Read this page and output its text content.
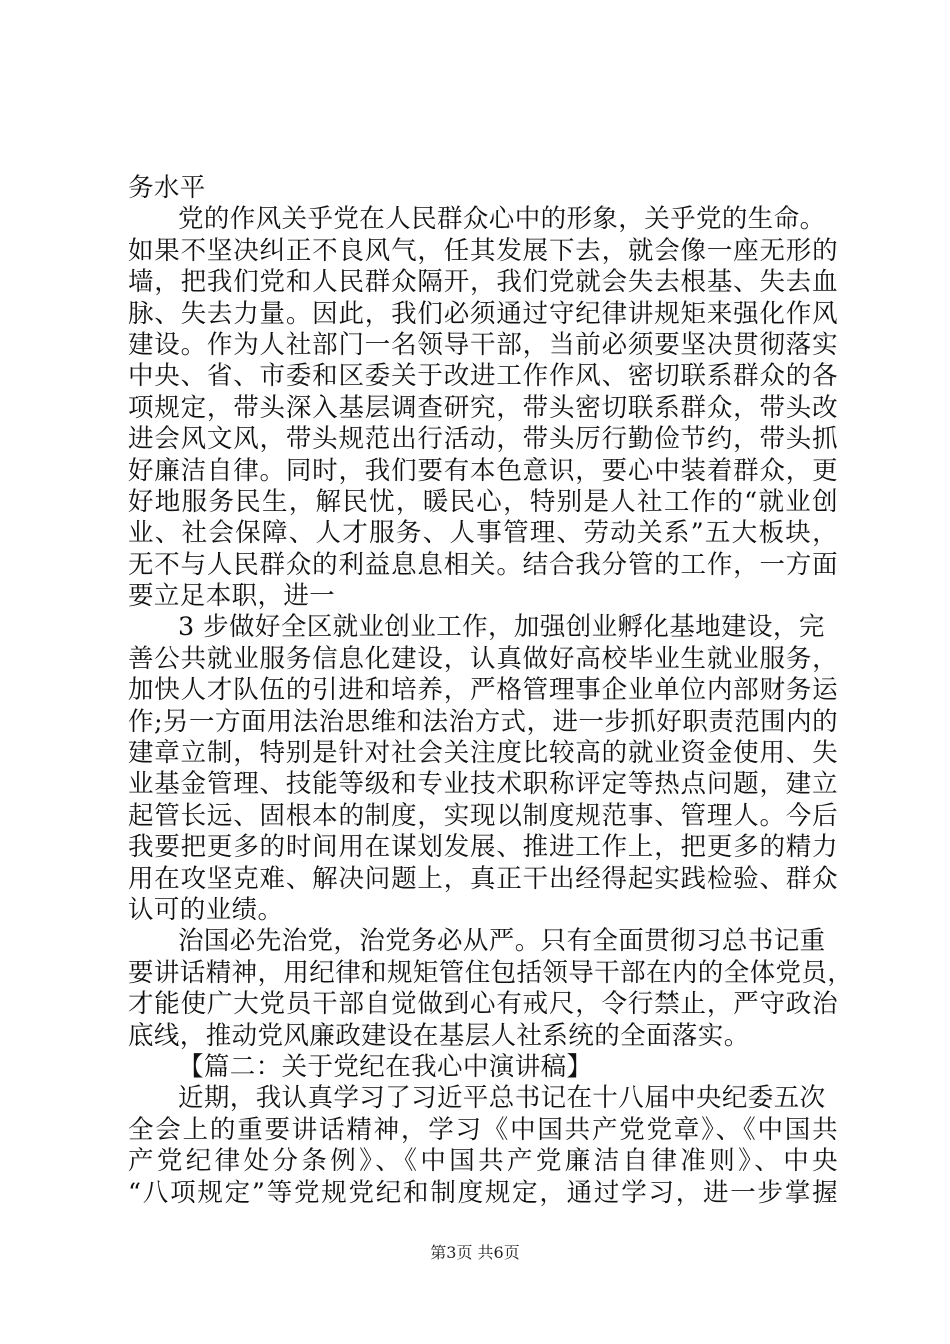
务水平
党的作风关乎党在人民群众心中的形象，关乎党的生命。
如果不坚决纠正不良风气，任其发展下去，就会像一座无形的
墙，把我们党和人民群众隔开，我们党就会失去根基、失去血
脉、失去力量。因此，我们必须通过守纪律讲规矩来强化作风
建设。作为人社部门一名领导干部，当前必须要坚决贯彻落实
中央、省、市委和区委关于改进工作作风、密切联系群众的各
项规定，带头深入基层调查研究，带头密切联系群众，带头改
进会风文风，带头规范出行活动，带头厉行勤俭节约，带头抓
好廉洁自律。同时，我们要有本色意识，要心中装着群众，更
好地服务民生，解民忧，暖民心，特别是人社工作的“就业创
业、社会保障、人才服务、人事管理、劳动关系”五大板块，
无不与人民群众的利益息息相关。结合我分管的工作，一方面
要立足本职，进一
3 步做好全区就业创业工作，加强创业孵化基地建设，完
善公共就业服务信息化建设，认真做好高校毕业生就业服务，
加快人才队伍的引进和培养，严格管理事企业单位内部财务运
作;另一方面用法治思维和法治方式，进一步抓好职责范围内的
建章立制，特别是针对社会关注度比较高的就业资金使用、失
业基金管理、技能等级和专业技术职称评定等热点问题，建立
起管长远、固根本的制度，实现以制度规范事、管理人。今后
我要把更多的时间用在谋划发展、推进工作上，把更多的精力
用在攻坚克难、解决问题上，真正干出经得起实践检验、群众
认可的业绩。
治国必先治党，治党务必从严。只有全面贯彻习总书记重
要讲话精神，用纪律和规矩管住包括领导干部在内的全体党员，
才能使广大党员干部自觉做到心有戒尺，令行禁止，严守政治
底线，推动党风廉政建设在基层人社系统的全面落实。
【篇二：关于党纪在我心中演讲稿】
近期，我认真学习了习近平总书记在十八届中央纪委五次
全会上的重要讲话精神，学习《中国共产党党章》、《中国共
产党纪律处分条例》、《中国共产党廉洁自律准则》、中央
“八项规定”等党规党纪和制度规定，通过学习，进一步掌握
第3页 共6页
